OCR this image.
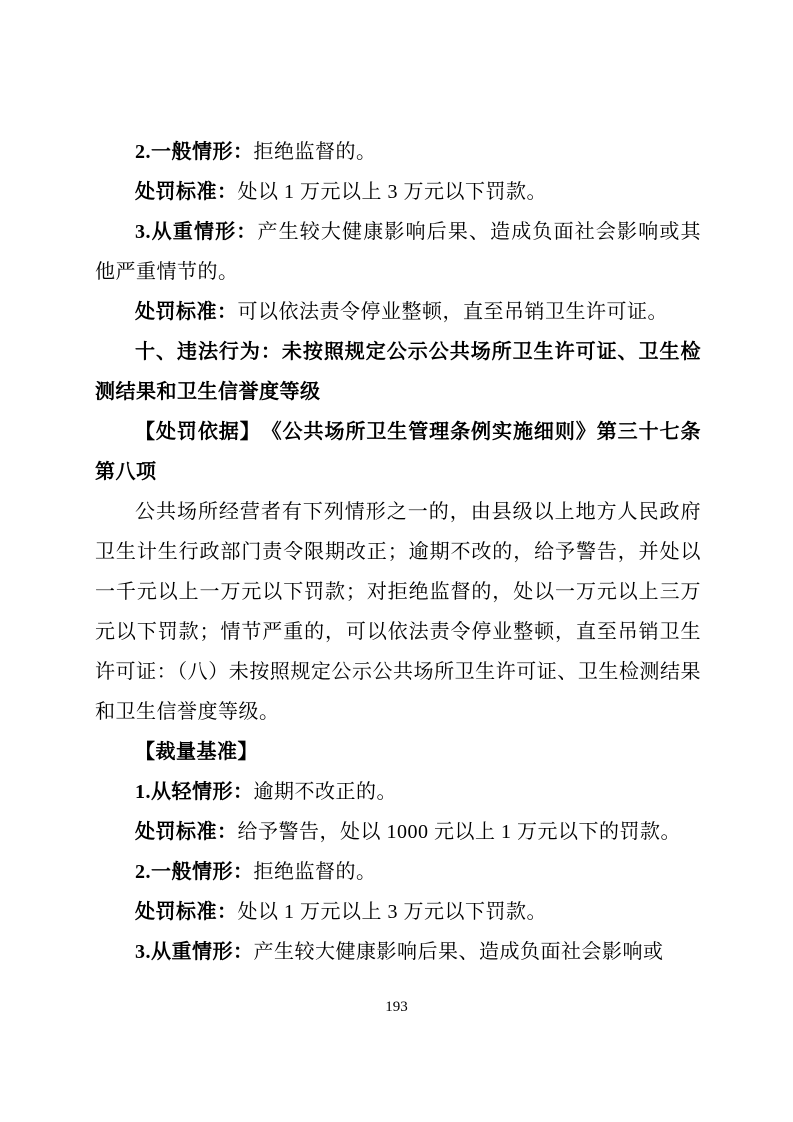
2.一般情形：拒绝监督的。

处罚标准：处以 1 万元以上 3 万元以下罚款。

3.从重情形：产生较大健康影响后果、造成负面社会影响或其他严重情节的。

处罚标准：可以依法责令停业整顿，直至吊销卫生许可证。

十、违法行为：未按照规定公示公共场所卫生许可证、卫生检测结果和卫生信誉度等级

【处罚依据】　《公共场所卫生管理条例实施细则》第三十七条第八项

公共场所经营者有下列情形之一的，由县级以上地方人民政府卫生计生行政部门责令限期改正；逾期不改的，给予警告，并处以一千元以上一万元以下罚款；对拒绝监督的，处以一万元以上三万元以下罚款；情节严重的，可以依法责令停业整顿，直至吊销卫生许可证：（八）未按照规定公示公共场所卫生许可证、卫生检测结果和卫生信誉度等级。

【裁量基准】

1.从轻情形：逾期不改正的。

处罚标准：给予警告，处以 1000 元以上 1 万元以下的罚款。

2.一般情形：拒绝监督的。

处罚标准：处以 1 万元以上 3 万元以下罚款。

3.从重情形：产生较大健康影响后果、造成负面社会影响或

193
